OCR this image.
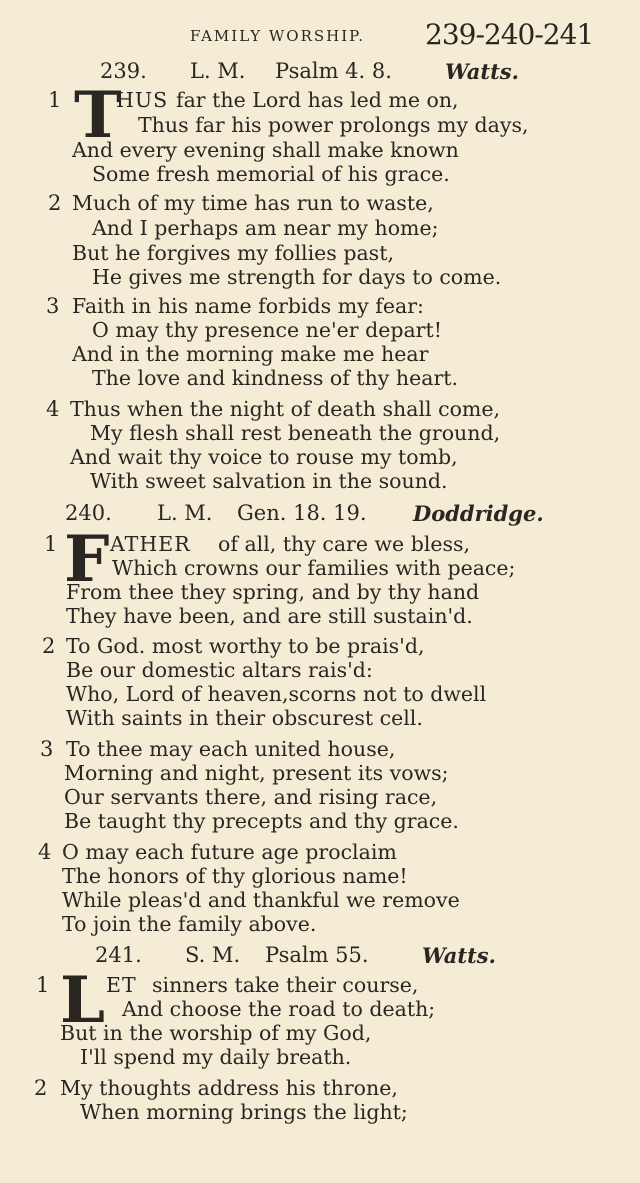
FAMILY WORSHIP. 239-240-241
239. L. M. Psalm 4. 8.	Watts.
1 T
HUS far the Lord has led me on,
Thus far his power prolongs my days,
And every evening shall make known
Some fresh memorial of his grace.
2 Much of my time has run to waste,
And I perhaps am near my home;
But he forgives my follies past,
He gives me strength for days to come.
3 Faith in his name forbids my fear:
O may thy presence ne'er depart!
And in the morning make me hear
The love and kindness of thy heart.
4 Thus when the night of death shall come,
My flesh shall rest beneath the ground,
And wait thy voice to rouse my tomb,
With sweet salvation in the sound.
240. L. M. Gen. 18. 19. Doddridge.
1 F ATHER of all, thy care we bless,
Which crowns our families with peace;
From thee they spring, and by thy hand
They have been, and are still sustain'd.
2 To God. most worthy to be prais'd,
Be our domestic altars rais'd:
Who, Lord of heaven,scorns not to dwell
With saints in their obscurest cell.
3 To thee may each united house,
Morning and night, present its vows;
Our servants there, and rising race,
Be taught thy precepts and thy grace.
4 O may each future age proclaim
The honors of thy glorious name!
While pleas'd and thankful we remove
To join the family above.
241. S. M. Psalm 55.	Watts.
1 L ET sinners take their course,
And choose the road to death;
But in the worship of my God,
I'll spend my daily breath.
2 My thoughts address his throne,
When morning brings the light;
